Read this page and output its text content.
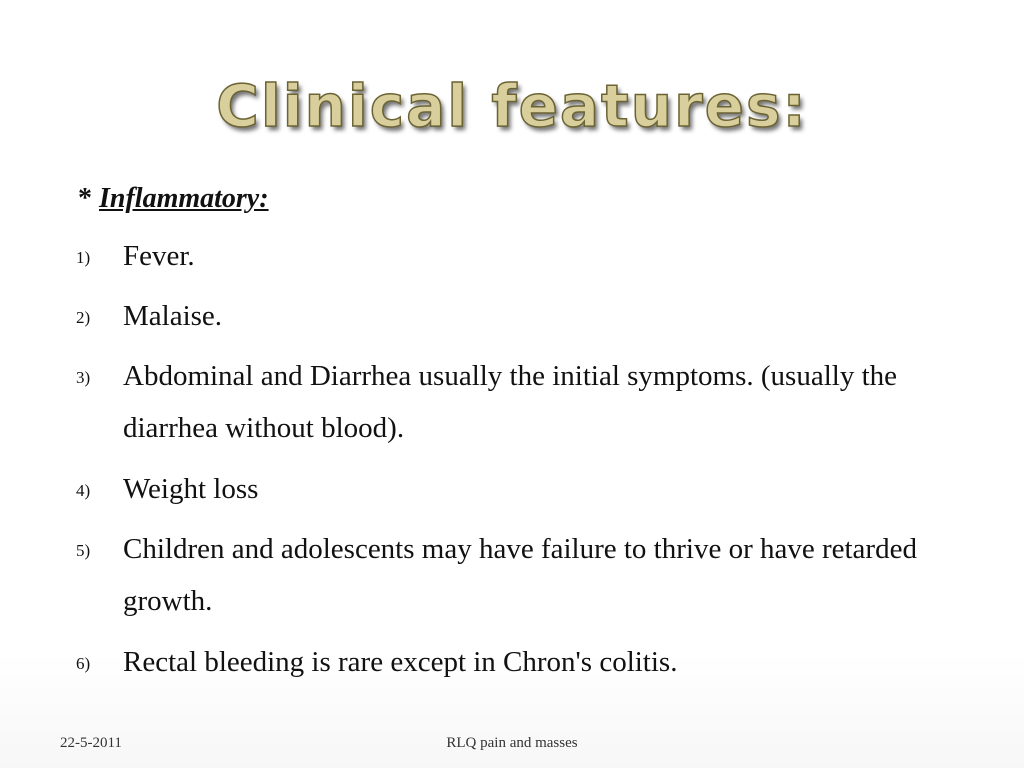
Clinical features:
* Inflammatory:
1) Fever.
2) Malaise.
3) Abdominal and Diarrhea usually the initial symptoms. (usually the diarrhea without blood).
4) Weight loss
5) Children and adolescents may have failure to thrive or have retarded growth.
6) Rectal bleeding is rare except in Chron's colitis.
22-5-2011	RLQ pain and masses
